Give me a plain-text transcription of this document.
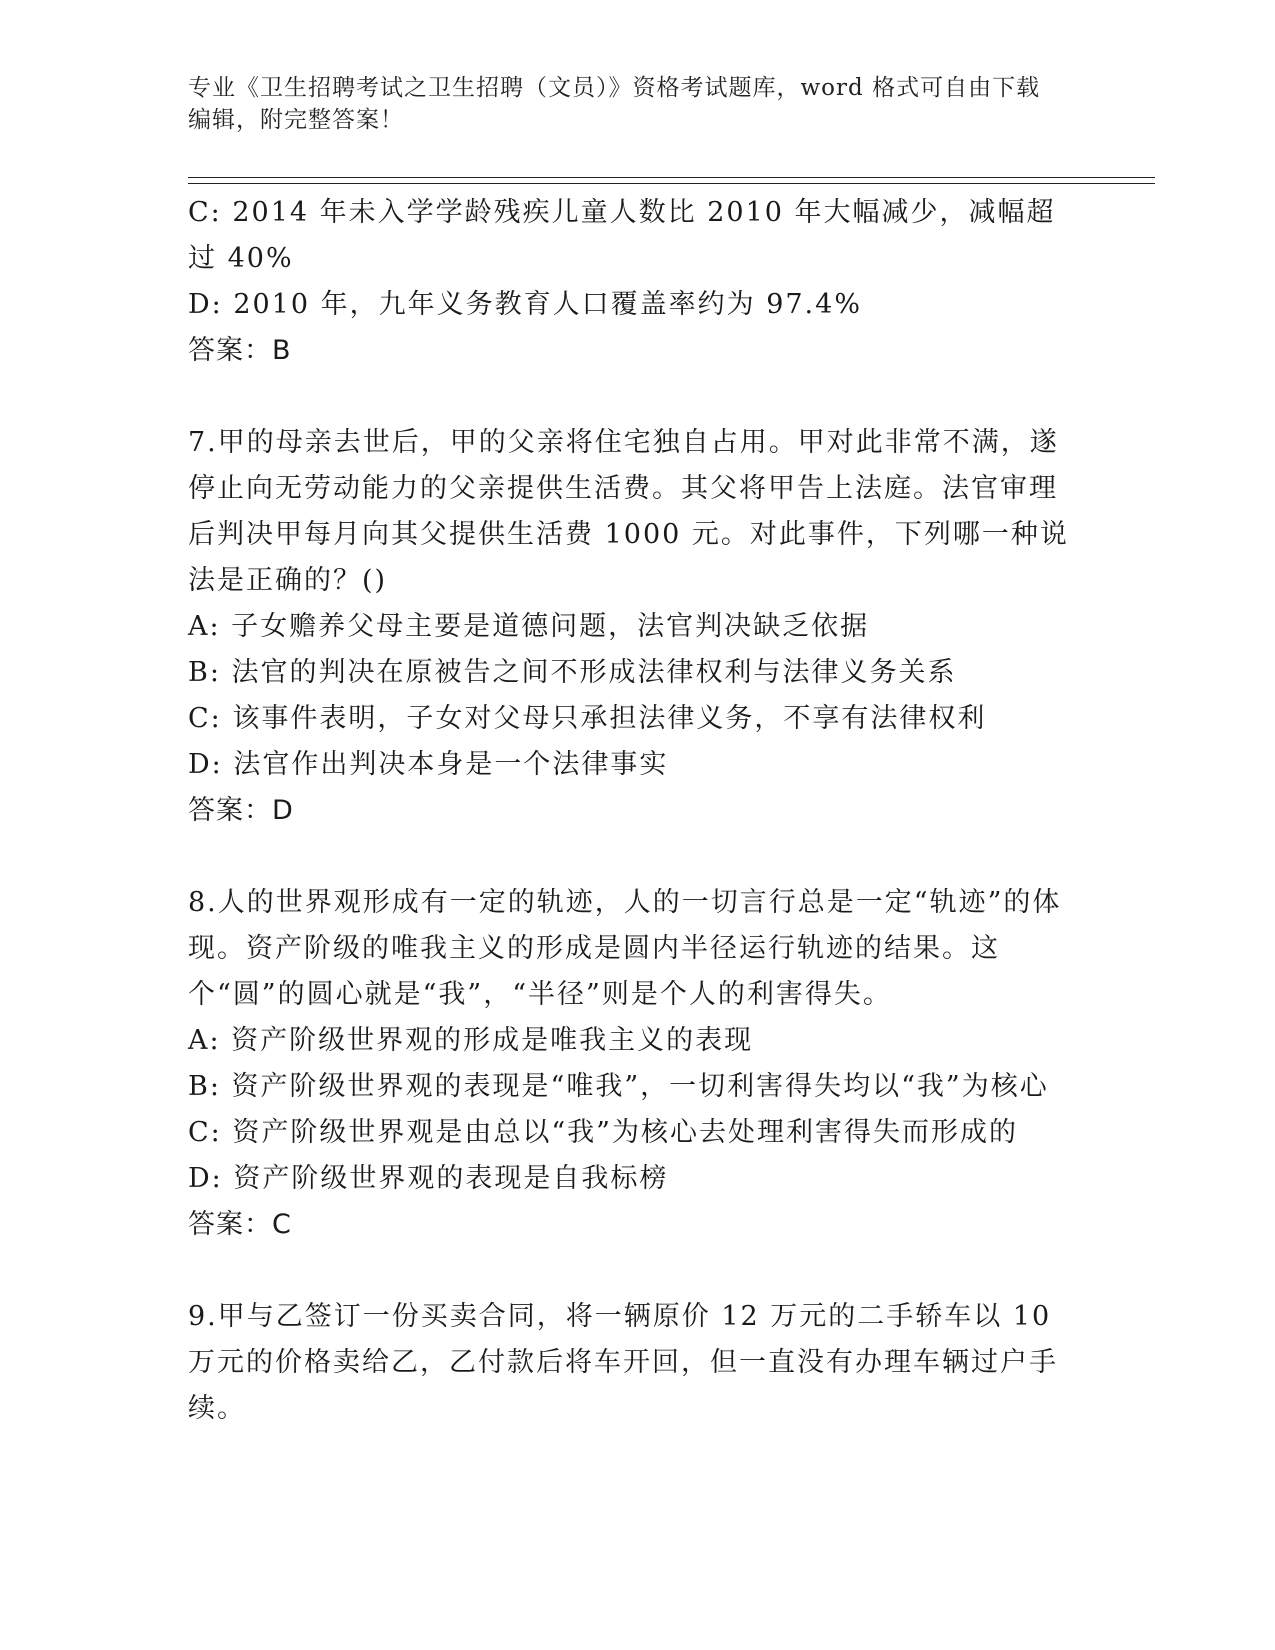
专业《卫生招聘考试之卫生招聘（文员）》资格考试题库，word 格式可自由下载
编辑，附完整答案！

C: 2014 年未入学学龄残疾儿童人数比 2010 年大幅减少，减幅超过 40%

D: 2010 年，九年义务教育人口覆盖率约为 97.4%

答案：B

7.甲的母亲去世后，甲的父亲将住宅独自占用。甲对此非常不满，遂停止向无劳动能力的父亲提供生活费。其父将甲告上法庭。法官审理后判决甲每月向其父提供生活费 1000 元。对此事件，下列哪一种说法是正确的？()

A: 子女赡养父母主要是道德问题，法官判决缺乏依据

B: 法官的判决在原被告之间不形成法律权利与法律义务关系

C: 该事件表明，子女对父母只承担法律义务，不享有法律权利

D: 法官作出判决本身是一个法律事实

答案：D

8.人的世界观形成有一定的轨迹，人的一切言行总是一定“轨迹”的体现。资产阶级的唯我主义的形成是圆内半径运行轨迹的结果。这个“圆”的圆心就是“我”，“半径”则是个人的利害得失。

A: 资产阶级世界观的形成是唯我主义的表现

B: 资产阶级世界观的表现是“唯我”，一切利害得失均以“我”为核心

C: 资产阶级世界观是由总以“我”为核心去处理利害得失而形成的

D: 资产阶级世界观的表现是自我标榜

答案：C

9.甲与乙签订一份买卖合同，将一辆原价 12 万元的二手轿车以 10 万元的价格卖给乙，乙付款后将车开回，但一直没有办理车辆过户手续。
